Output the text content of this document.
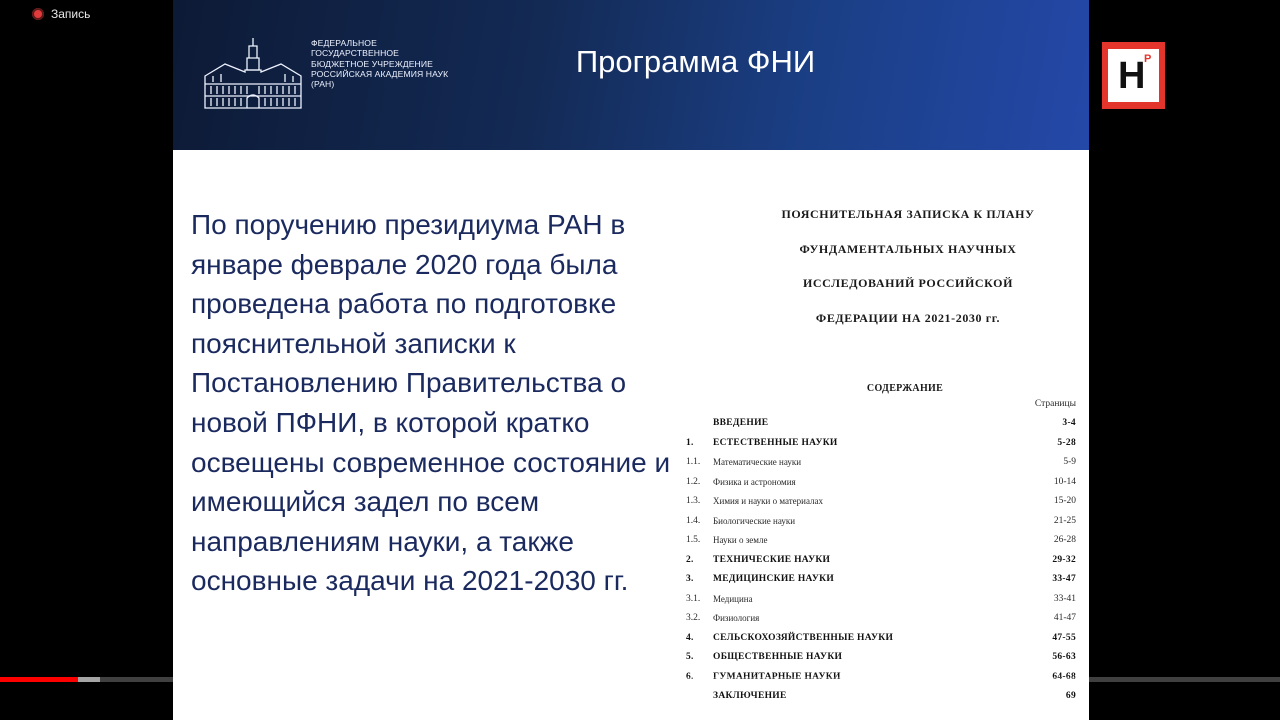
Запись
ФЕДЕРАЛЬНОЕ
ГОСУДАРСТВЕННОЕ
БЮДЖЕТНОЕ УЧРЕЖДЕНИЕ
РОССИЙСКАЯ АКАДЕМИЯ НАУК
(РАН)
Программа ФНИ
По поручению президиума РАН в январе феврале 2020 года была проведена работа по подготовке пояснительной записки к Постановлению Правительства о новой ПФНИ, в которой кратко освещены современное состояние и имеющийся задел по всем направлениям науки, а также основные задачи на 2021-2030 гг.
ПОЯСНИТЕЛЬНАЯ ЗАПИСКА К ПЛАНУ
ФУНДАМЕНТАЛЬНЫХ НАУЧНЫХ
ИССЛЕДОВАНИЙ РОССИЙСКОЙ
ФЕДЕРАЦИИ НА 2021-2030 гг.
СОДЕРЖАНИЕ
Страницы
ВВЕДЕНИЕ	3-4
1. ЕСТЕСТВЕННЫЕ НАУКИ	5-28
1.1. Математические науки	5-9
1.2. Физика и астрономия	10-14
1.3. Химия и науки о материалах	15-20
1.4. Биологические науки	21-25
1.5. Науки о земле	26-28
2. ТЕХНИЧЕСКИЕ НАУКИ	29-32
3. МЕДИЦИНСКИЕ НАУКИ	33-47
3.1. Медицина	33-41
3.2. Физиология	41-47
4. СЕЛЬСКОХОЗЯЙСТВЕННЫЕ НАУКИ	47-55
5. ОБЩЕСТВЕННЫЕ НАУКИ	56-63
6. ГУМАНИТАРНЫЕ НАУКИ	64-68
ЗАКЛЮЧЕНИЕ	69
Н
Р
